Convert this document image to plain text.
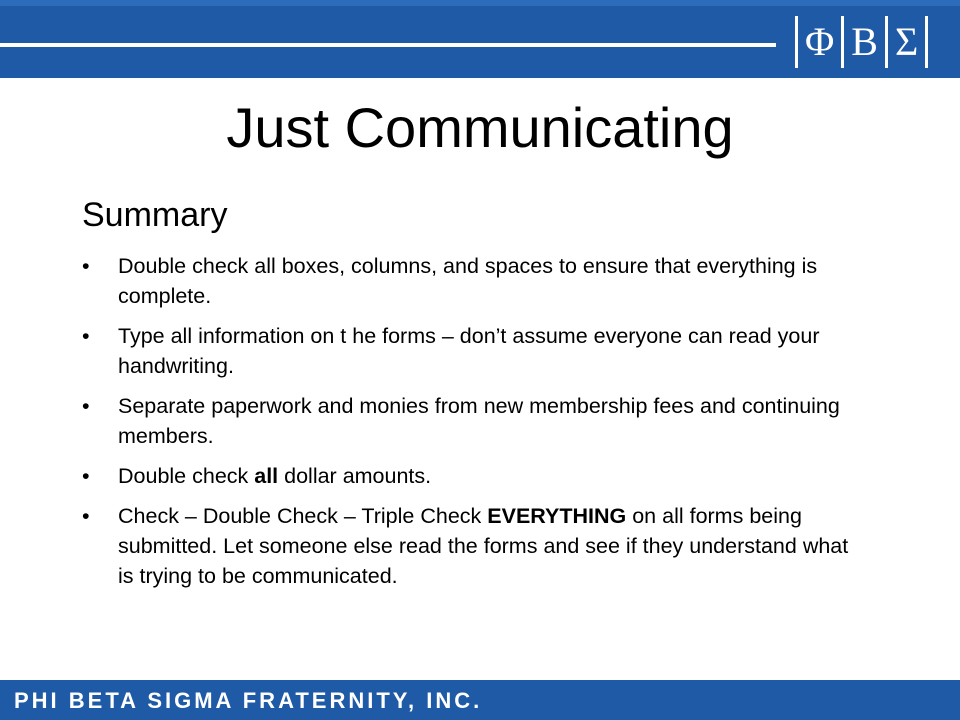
Φ B Σ
Just Communicating
Summary
• Double check all boxes, columns, and spaces to ensure that everything is complete.
• Type all information on t he forms – don’t assume everyone can read your handwriting.
• Separate paperwork and monies from new membership fees and continuing members.
• Double check all dollar amounts.
• Check – Double Check – Triple Check EVERYTHING on all forms being submitted. Let someone else read the forms and see if they understand what is trying to be communicated.
PHI BETA SIGMA FRATERNITY, INC.
